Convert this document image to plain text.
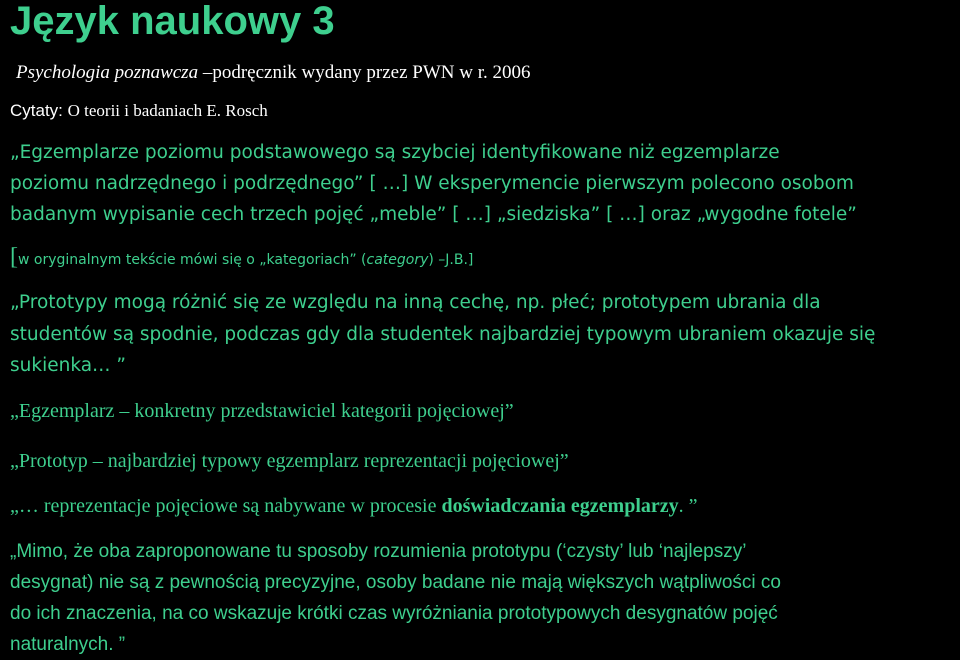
Język naukowy 3

Psychologia poznawcza –podręcznik wydany przez PWN w r. 2006

Cytaty: O teorii i badaniach E. Rosch

„Egzemplarze poziomu podstawowego są szybciej identyfikowane niż egzemplarze

poziomu nadrzędnego i podrzędnego” [ …] W eksperymencie pierwszym polecono osobom

badanym wypisanie cech trzech pojęć „meble” [ …] „siedziska” [ …] oraz „wygodne fotele”

[w oryginalnym tekście mówi się o „kategoriach” (category) –J.B.]

„Prototypy mogą różnić się ze względu na inną cechę, np. płeć; prototypem ubrania dla

studentów są spodnie, podczas gdy dla studentek najbardziej typowym ubraniem okazuje się

sukienka… ”

„Egzemplarz – konkretny przedstawiciel kategorii pojęciowej”

„Prototyp – najbardziej typowy egzemplarz reprezentacji pojęciowej”

„… reprezentacje pojęciowe są nabywane w procesie doświadczania egzemplarzy. ”

„Mimo, że oba zaproponowane tu sposoby rozumienia prototypu (‘czysty’ lub ‘najlepszy’

desygnat) nie są z pewnością precyzyjne, osoby badane nie mają większych wątpliwości co

do ich znaczenia, na co wskazuje krótki czas wyróżniania prototypowych desygnatów pojęć

naturalnych. ”
